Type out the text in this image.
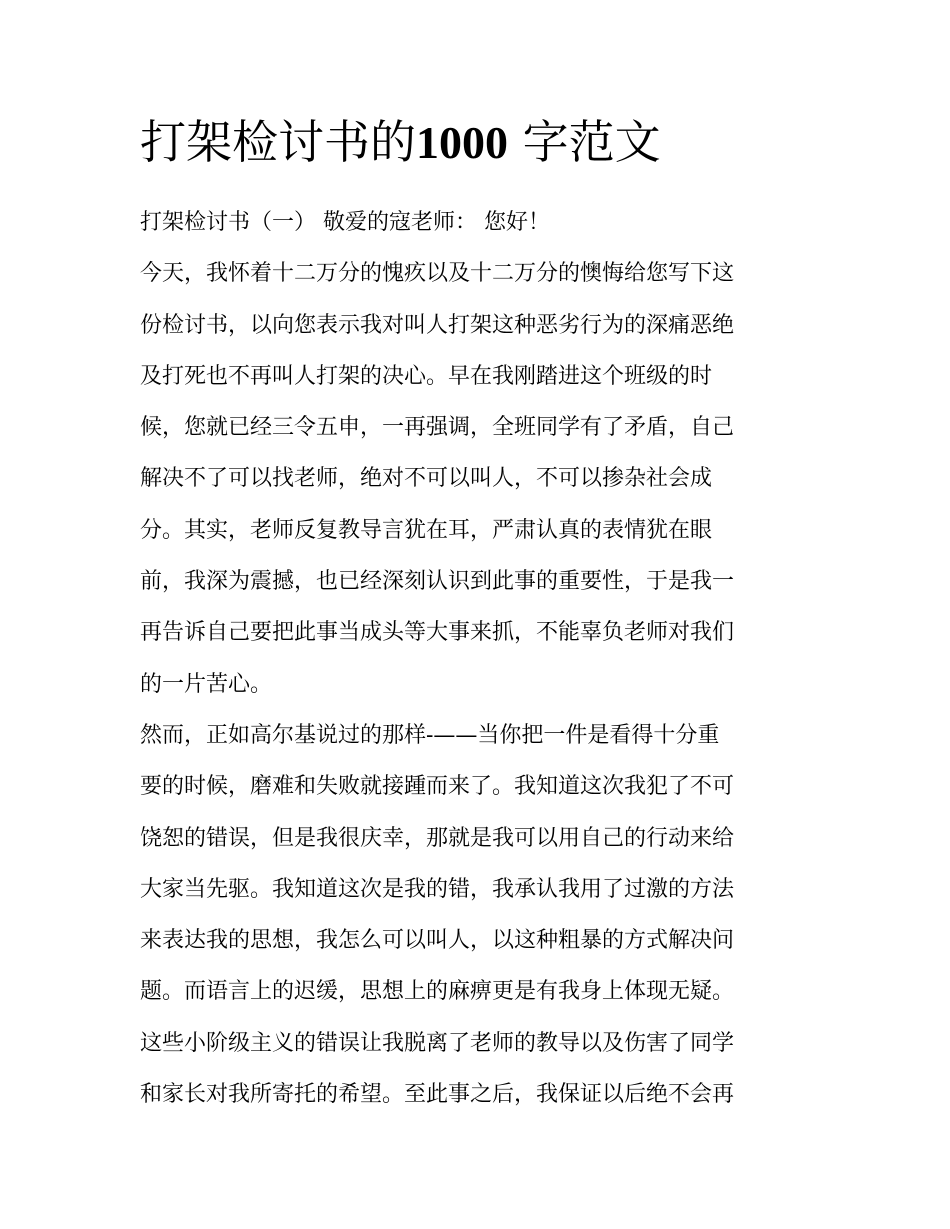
打架检讨书的1000 字范文
打架检讨书（一） 敬爱的寇老师： 您好！
今天，我怀着十二万分的愧疚以及十二万分的懊悔给您写下这
份检讨书，以向您表示我对叫人打架这种恶劣行为的深痛恶绝
及打死也不再叫人打架的决心。早在我刚踏进这个班级的时
候，您就已经三令五申，一再强调，全班同学有了矛盾，自己
解决不了可以找老师，绝对不可以叫人，不可以掺杂社会成
分。其实，老师反复教导言犹在耳，严肃认真的表情犹在眼
前，我深为震撼，也已经深刻认识到此事的重要性，于是我一
再告诉自己要把此事当成头等大事来抓，不能辜负老师对我们
的一片苦心。
然而，正如高尔基说过的那样-——当你把一件是看得十分重
要的时候，磨难和失败就接踵而来了。我知道这次我犯了不可
饶恕的错误，但是我很庆幸，那就是我可以用自己的行动来给
大家当先驱。我知道这次是我的错，我承认我用了过激的方法
来表达我的思想，我怎么可以叫人，以这种粗暴的方式解决问
题。而语言上的迟缓，思想上的麻痹更是有我身上体现无疑。
这些小阶级主义的错误让我脱离了老师的教导以及伤害了同学
和家长对我所寄托的希望。至此事之后，我保证以后绝不会再
